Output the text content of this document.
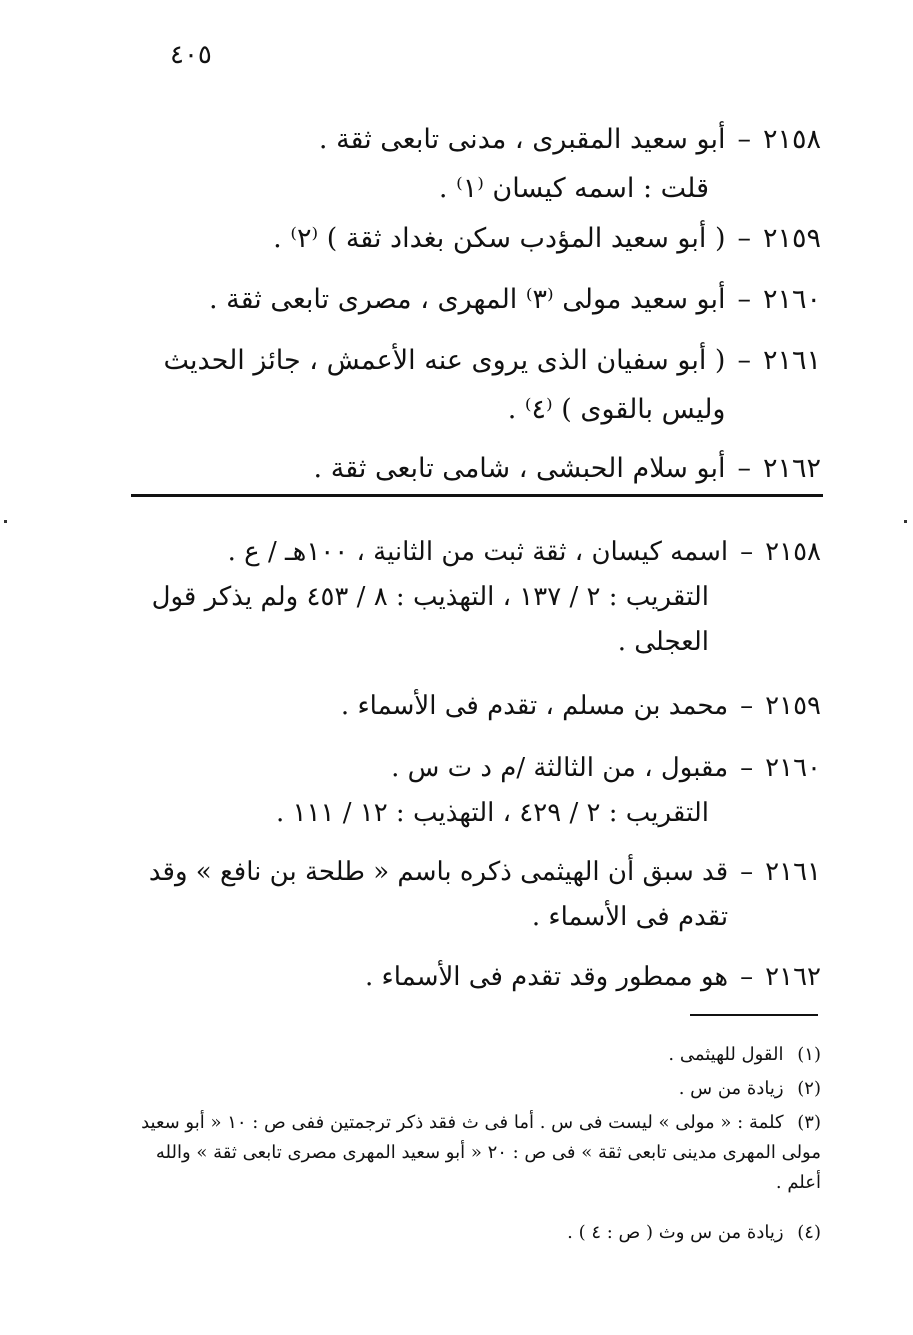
٤٠٥
٢١٥٨
–
أبو سعيد المقبرى ، مدنى تابعى ثقة .
قلت : اسمه كيسان ⁽١⁾ .
٢١٥٩
–
( أبو سعيد المؤدب سكن بغداد ثقة ) ⁽٢⁾ .
٢١٦٠
–
أبو سعيد مولى ⁽٣⁾ المهرى ، مصرى تابعى ثقة .
٢١٦١
–
( أبو سفيان الذى يروى عنه الأعمش ، جائز الحديث وليس بالقوى ) ⁽٤⁾ .
٢١٦٢
–
أبو سلام الحبشى ، شامى تابعى ثقة .
٢١٥٨
–
اسمه كيسان ، ثقة ثبت من الثانية ، ١٠٠هـ / ع .
التقريب : ٢ / ١٣٧ ، التهذيب : ٨ / ٤٥٣ ولم يذكر قول العجلى .
٢١٥٩
–
محمد بن مسلم ، تقدم فى الأسماء .
٢١٦٠
–
مقبول ، من الثالثة /م د ت س .
التقريب : ٢ / ٤٢٩ ، التهذيب : ١٢ / ١١١ .
٢١٦١
–
قد سبق أن الهيثمى ذكره باسم « طلحة بن نافع » وقد تقدم فى الأسماء .
٢١٦٢
–
هو ممطور وقد تقدم فى الأسماء .
(١) القول للهيثمى .
(٢) زيادة من س .
(٣) كلمة : « مولى » ليست فى س . أما فى ث فقد ذكر ترجمتين ففى ص : ١٠ « أبو سعيد مولى المهرى مدينى تابعى ثقة » فى ص : ٢٠ « أبو سعيد المهرى مصرى تابعى ثقة » والله أعلم .
(٤) زيادة من س وث ( ص : ٤ ) .
